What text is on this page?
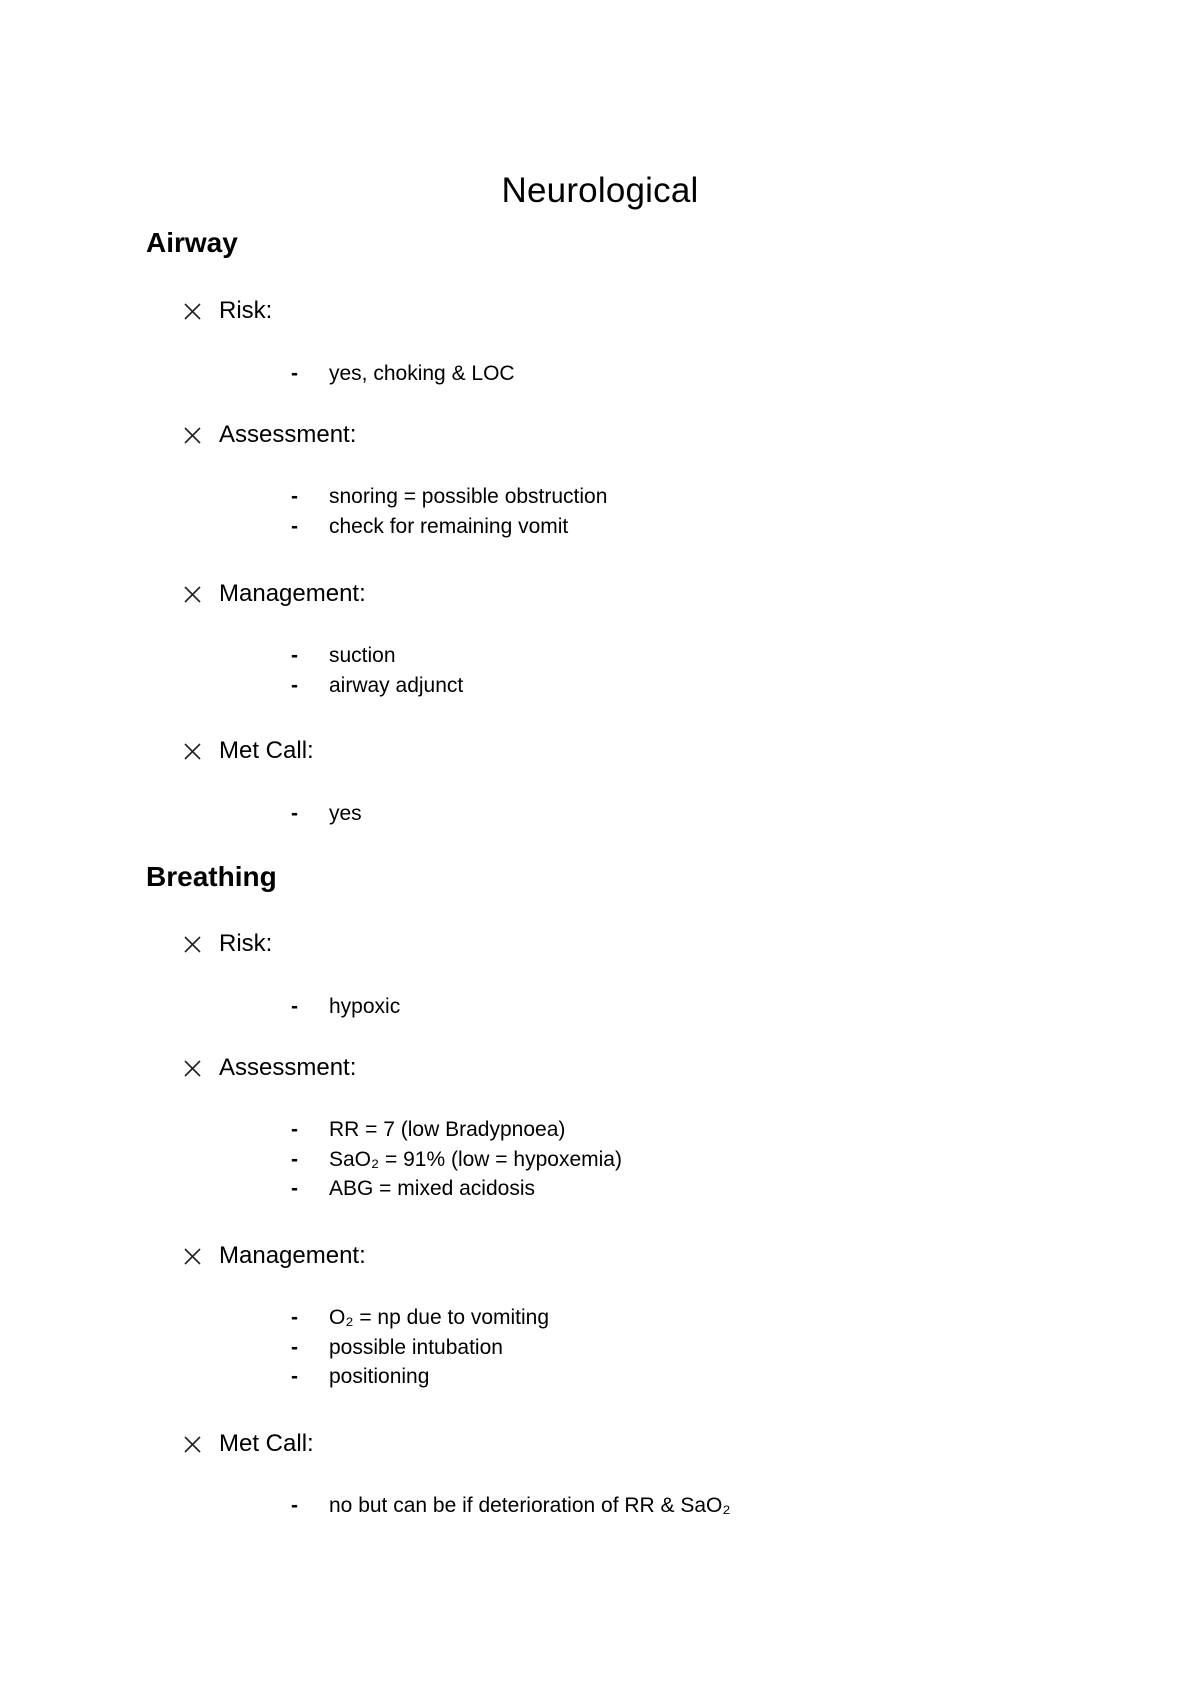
Neurological
Airway
Risk:
-	yes, choking & LOC
Assessment:
-	snoring = possible obstruction
-	check for remaining vomit
Management:
-	suction
-	airway adjunct
Met Call:
-	yes
Breathing
Risk:
-	hypoxic
Assessment:
-	RR = 7 (low Bradypnoea)
-	SaO₂ = 91% (low = hypoxemia)
-	ABG = mixed acidosis
Management:
-	O₂ = np due to vomiting
-	possible intubation
-	positioning
Met Call:
-	no but can be if deterioration of RR & SaO₂
